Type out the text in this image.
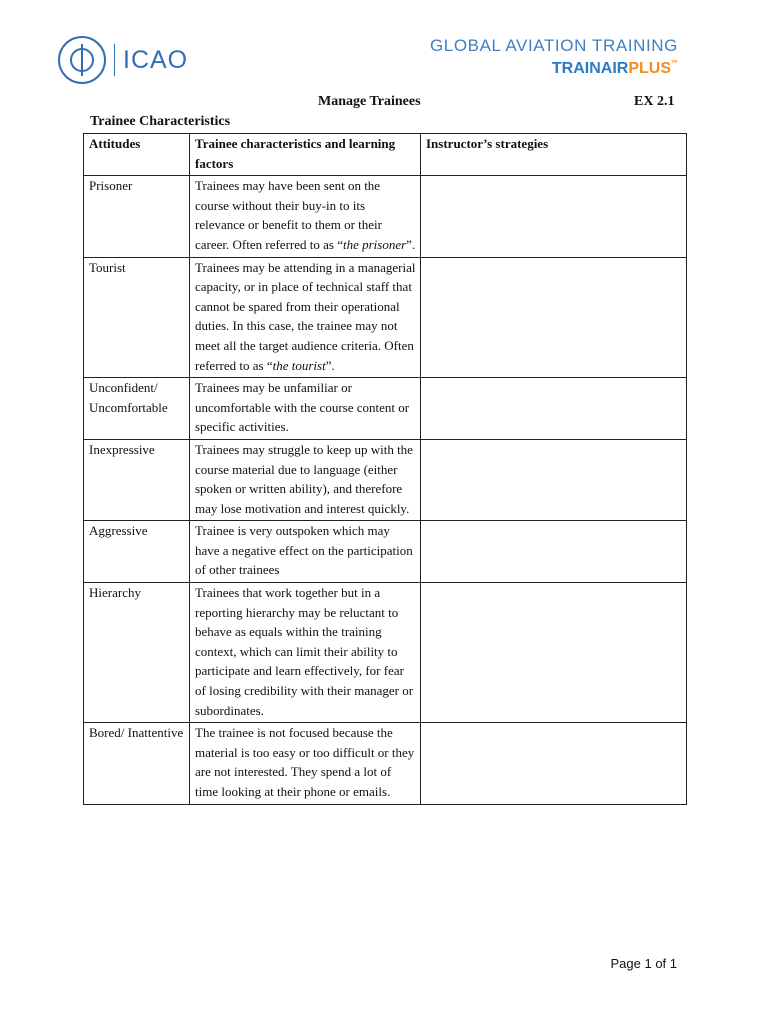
ICAO	GLOBAL AVIATION TRAINING
TRAINAIRPLUS™
Manage Trainees	EX 2.1
Trainee Characteristics
Attitudes	Trainee characteristics and learning factors	Instructor’s strategies
Prisoner	Trainees may have been sent on the course without their buy-in to its relevance or benefit to them or their career. Often referred to as “the prisoner”.	
Tourist	Trainees may be attending in a managerial capacity, or in place of technical staff that cannot be spared from their operational duties. In this case, the trainee may not meet all the target audience criteria. Often referred to as “the tourist”.	
Unconfident/ Uncomfortable	Trainees may be unfamiliar or uncomfortable with the course content or specific activities.	
Inexpressive	Trainees may struggle to keep up with the course material due to language (either spoken or written ability), and therefore may lose motivation and interest quickly.	
Aggressive	Trainee is very outspoken which may have a negative effect on the participation of other trainees	
Hierarchy	Trainees that work together but in a reporting hierarchy may be reluctant to behave as equals within the training context, which can limit their ability to participate and learn effectively, for fear of losing credibility with their manager or subordinates.	
Bored/ Inattentive	The trainee is not focused because the material is too easy or too difficult or they are not interested. They spend a lot of time looking at their phone or emails.	
Page 1 of 1
